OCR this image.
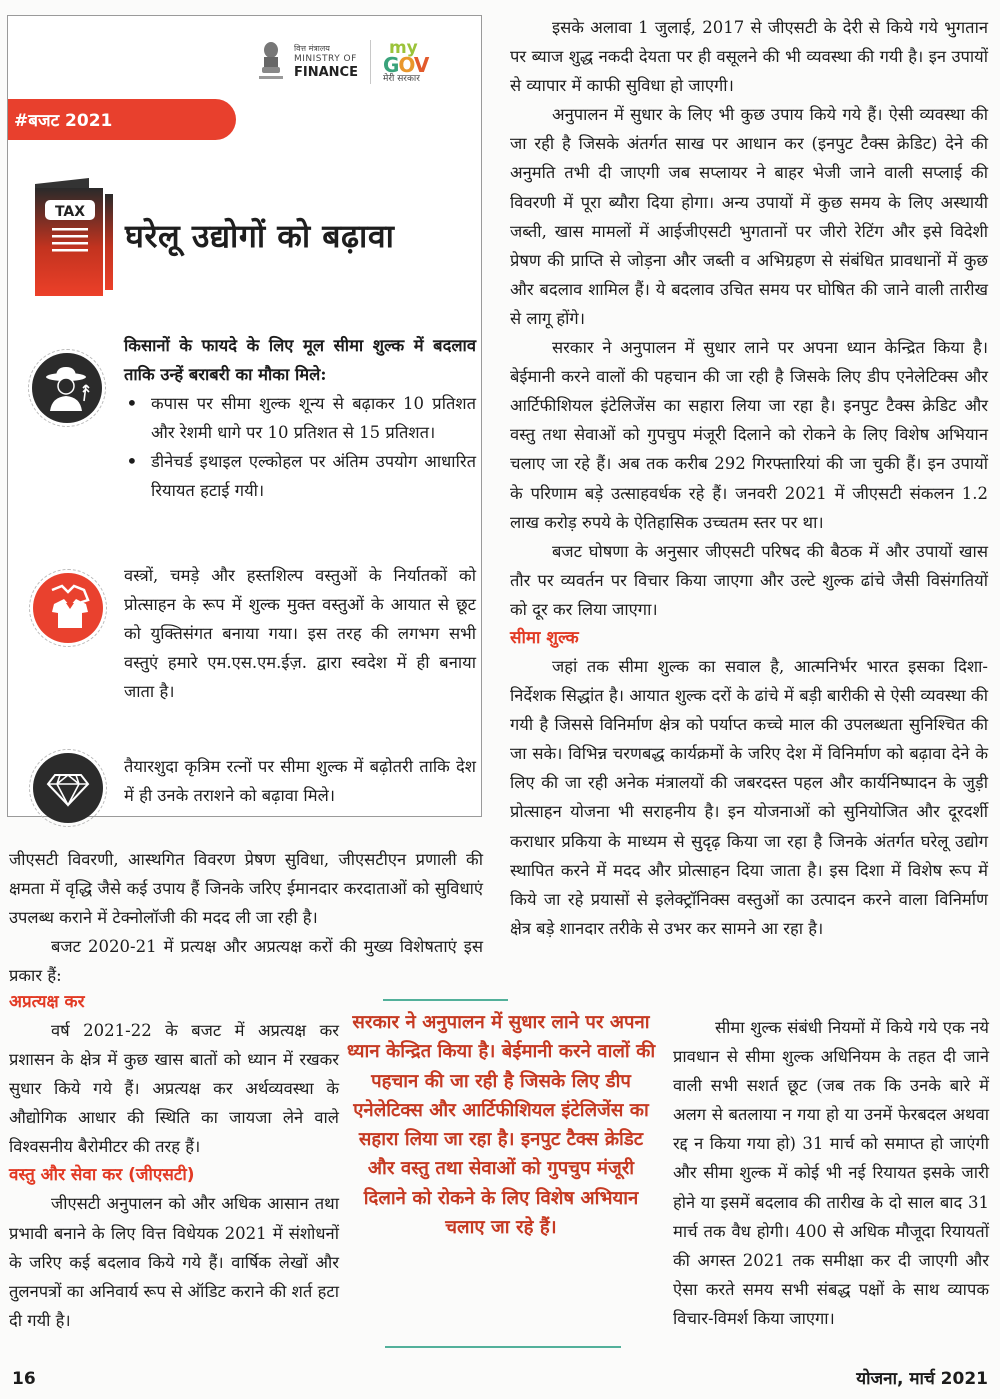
वित्त मंत्रालय
MINISTRY OF
FINANCE
my
GOV
मेरी सरकार
#बजट 2021
TAX
घरेलू उद्योगों को बढ़ावा
किसानों के फायदे के लिए मूल सीमा शुल्क में बदलाव ताकि उन्हें बराबरी का मौका मिले:
• कपास पर सीमा शुल्क शून्य से बढ़ाकर 10 प्रतिशत और रेशमी धागे पर 10 प्रतिशत से 15 प्रतिशत।
• डीनेचर्ड इथाइल एल्कोहल पर अंतिम उपयोग आधारित रियायत हटाई गयी।
वस्त्रों, चमड़े और हस्तशिल्प वस्तुओं के निर्यातकों को प्रोत्साहन के रूप में शुल्क मुक्त वस्तुओं के आयात से छूट को युक्तिसंगत बनाया गया। इस तरह की लगभग सभी वस्तुएं हमारे एम.एस.एम.ईज़. द्वारा स्वदेश में ही बनाया जाता है।
तैयारशुदा कृत्रिम रत्नों पर सीमा शुल्क में बढ़ोतरी ताकि देश में ही उनके तराशने को बढ़ावा मिले।

जीएसटी विवरणी, आस्थगित विवरण प्रेषण सुविधा, जीएसटीएन प्रणाली की क्षमता में वृद्धि जैसे कई उपाय हैं जिनके जरिए ईमानदार करदाताओं को सुविधाएं उपलब्ध कराने में टेक्नोलॉजी की मदद ली जा रही है।

बजट 2020-21 में प्रत्यक्ष और अप्रत्यक्ष करों की मुख्य विशेषताएं इस प्रकार हैं:

अप्रत्यक्ष कर

वर्ष 2021-22 के बजट में अप्रत्यक्ष कर प्रशासन के क्षेत्र में कुछ खास बातों को ध्यान में रखकर सुधार किये गये हैं। अप्रत्यक्ष कर अर्थव्यवस्था के औद्योगिक आधार की स्थिति का जायजा लेने वाले विश्वसनीय बैरोमीटर की तरह हैं।

वस्तु और सेवा कर (जीएसटी)

जीएसटी अनुपालन को और अधिक आसान तथा प्रभावी बनाने के लिए वित्त विधेयक 2021 में संशोधनों के जरिए कई बदलाव किये गये हैं। वार्षिक लेखों और तुलनपत्रों का अनिवार्य रूप से ऑडिट कराने की शर्त हटा दी गयी है।

सरकार ने अनुपालन में सुधार लाने पर अपना ध्यान केन्द्रित किया है। बेईमानी करने वालों की पहचान की जा रही है जिसके लिए डीप एनेलेटिक्स और आर्टिफीशियल इंटेलिजेंस का सहारा लिया जा रहा है। इनपुट टैक्स क्रेडिट और वस्तु तथा सेवाओं को गुपचुप मंजूरी दिलाने को रोकने के लिए विशेष अभियान चलाए जा रहे हैं।

इसके अलावा 1 जुलाई, 2017 से जीएसटी के देरी से किये गये भुगतान पर ब्याज शुद्ध नकदी देयता पर ही वसूलने की भी व्यवस्था की गयी है। इन उपायों से व्यापार में काफी सुविधा हो जाएगी।

अनुपालन में सुधार के लिए भी कुछ उपाय किये गये हैं। ऐसी व्यवस्था की जा रही है जिसके अंतर्गत साख पर आधान कर (इनपुट टैक्स क्रेडिट) देने की अनुमति तभी दी जाएगी जब सप्लायर ने बाहर भेजी जाने वाली सप्लाई की विवरणी में पूरा ब्यौरा दिया होगा। अन्य उपायों में कुछ समय के लिए अस्थायी जब्ती, खास मामलों में आईजीएसटी भुगतानों पर जीरो रेटिंग और इसे विदेशी प्रेषण की प्राप्ति से जोड़ना और जब्ती व अभिग्रहण से संबंधित प्रावधानों में कुछ और बदलाव शामिल हैं। ये बदलाव उचित समय पर घोषित की जाने वाली तारीख से लागू होंगे।

सरकार ने अनुपालन में सुधार लाने पर अपना ध्यान केन्द्रित किया है। बेईमानी करने वालों की पहचान की जा रही है जिसके लिए डीप एनेलेटिक्स और आर्टिफीशियल इंटेलिजेंस का सहारा लिया जा रहा है। इनपुट टैक्स क्रेडिट और वस्तु तथा सेवाओं को गुपचुप मंजूरी दिलाने को रोकने के लिए विशेष अभियान चलाए जा रहे हैं। अब तक करीब 292 गिरफ्तारियां की जा चुकी हैं। इन उपायों के परिणाम बड़े उत्साहवर्धक रहे हैं। जनवरी 2021 में जीएसटी संकलन 1.2 लाख करोड़ रुपये के ऐतिहासिक उच्चतम स्तर पर था।

बजट घोषणा के अनुसार जीएसटी परिषद की बैठक में और उपायों खास तौर पर व्यवर्तन पर विचार किया जाएगा और उल्टे शुल्क ढांचे जैसी विसंगतियों को दूर कर लिया जाएगा।

सीमा शुल्क

जहां तक सीमा शुल्क का सवाल है, आत्मनिर्भर भारत इसका दिशा-निर्देशक सिद्धांत है। आयात शुल्क दरों के ढांचे में बड़ी बारीकी से ऐसी व्यवस्था की गयी है जिससे विनिर्माण क्षेत्र को पर्याप्त कच्चे माल की उपलब्धता सुनिश्चित की जा सके। विभिन्न चरणबद्ध कार्यक्रमों के जरिए देश में विनिर्माण को बढ़ावा देने के लिए की जा रही अनेक मंत्रालयों की जबरदस्त पहल और कार्यनिष्पादन के जुड़ी प्रोत्साहन योजना भी सराहनीय है। इन योजनाओं को सुनियोजित और दूरदर्शी कराधार प्रकिया के माध्यम से सुदृढ़ किया जा रहा है जिनके अंतर्गत घरेलू उद्योग स्थापित करने में मदद और प्रोत्साहन दिया जाता है। इस दिशा में विशेष रूप में किये जा रहे प्रयासों से इलेक्ट्रॉनिक्स वस्तुओं का उत्पादन करने वाला विनिर्माण क्षेत्र बड़े शानदार तरीके से उभर कर सामने आ रहा है।

सीमा शुल्क संबंधी नियमों में किये गये एक नये प्रावधान से सीमा शुल्क अधिनियम के तहत दी जाने वाली सभी सशर्त छूट (जब तक कि उनके बारे में अलग से बतलाया न गया हो या उनमें फेरबदल अथवा रद्द न किया गया हो) 31 मार्च को समाप्त हो जाएंगी और सीमा शुल्क में कोई भी नई रियायत इसके जारी होने या इसमें बदलाव की तारीख के दो साल बाद 31 मार्च तक वैध होगी। 400 से अधिक मौजूदा रियायतों की अगस्त 2021 तक समीक्षा कर दी जाएगी और ऐसा करते समय सभी संबद्ध पक्षों के साथ व्यापक विचार-विमर्श किया जाएगा।

16	योजना, मार्च 2021
